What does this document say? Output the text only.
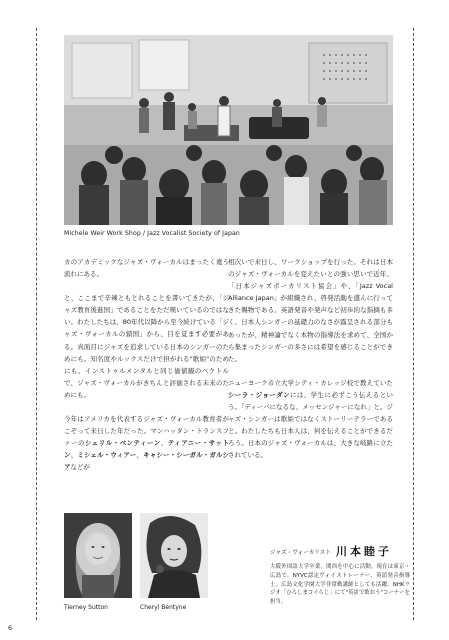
Michele Weir Work Shop / Jazz Vocalist Society of Japan

カのアカデミックなジャズ・ヴォーカルはまったく違う流れにある。

と、ここまで辛辣ともとれることを書いてきたが、「ジャズ教育後進国」であることをただ嘆いているのではない。わたしたちは、80年代以降から至今続けている「ジャズ・ヴォーカルの鎖国」から、目を覚ます必要がある。真面目にジャズを追求している日本のシンガーのためにも。知名度やルックスだけで担がれる"歌姫"のためにも。インストゥルメンタルと同じ価値観のベクトルで、ジャズ・ヴォーカルがきちんと評価される未来のためにも。

今年はアメリカを代表するジャズ・ヴォーカル教育者がこぞって来日した年だった。マンハッタン・トランスファーのシェリル・ベンティーン、ティアニー・サットン、ミシェル・ウィアー、キャシー・シーガル・ガルシアなどが

相次いで来日し、ワークショップを行った。それは日本のジャズ・ヴォーカルを変えたいとの強い思いで近年、「日本ジャズボーカリスト協会」や、「Jazz Vocal Alliance Japan」が組織され、啓発活動を盛んに行ってきた賜物である。英語発音や発声など初歩的な指摘も多く、日本人シンガーの基礎力のなさが露呈される部分もあったが、精神論でなく本物の指導法を求めて、全国から集まったシンガーの多さには希望を感じることができた。

ニューヨーク市立大学シティ・カレッジ校で教えていたシーラ・ジョーダンには、学生に必ずこう伝えるという。「ディーバになるな、メッセンジャーになれ」と。ジャズ・シンガーは歌姫ではなくストーリーテラーであると。わたしたちも日本人は、何を伝えることができるだろう。日本のジャズ・ヴォーカルは、大きな岐路に立たされている。

Tierney Sutton	Cheryl Bentyne
ジャズ・ヴォーカリスト 川本睦子
大阪外国語大学卒業。関西を中心に活動。現在は東京・広島で。NYVC認定ヴォイストレーナー、英語発音指導士。広島文化学園大学非常勤講師としても活躍。NHKラジオ「ひろしまコイらじ」にて"英語で歌おう"コーナーを担当。
6
